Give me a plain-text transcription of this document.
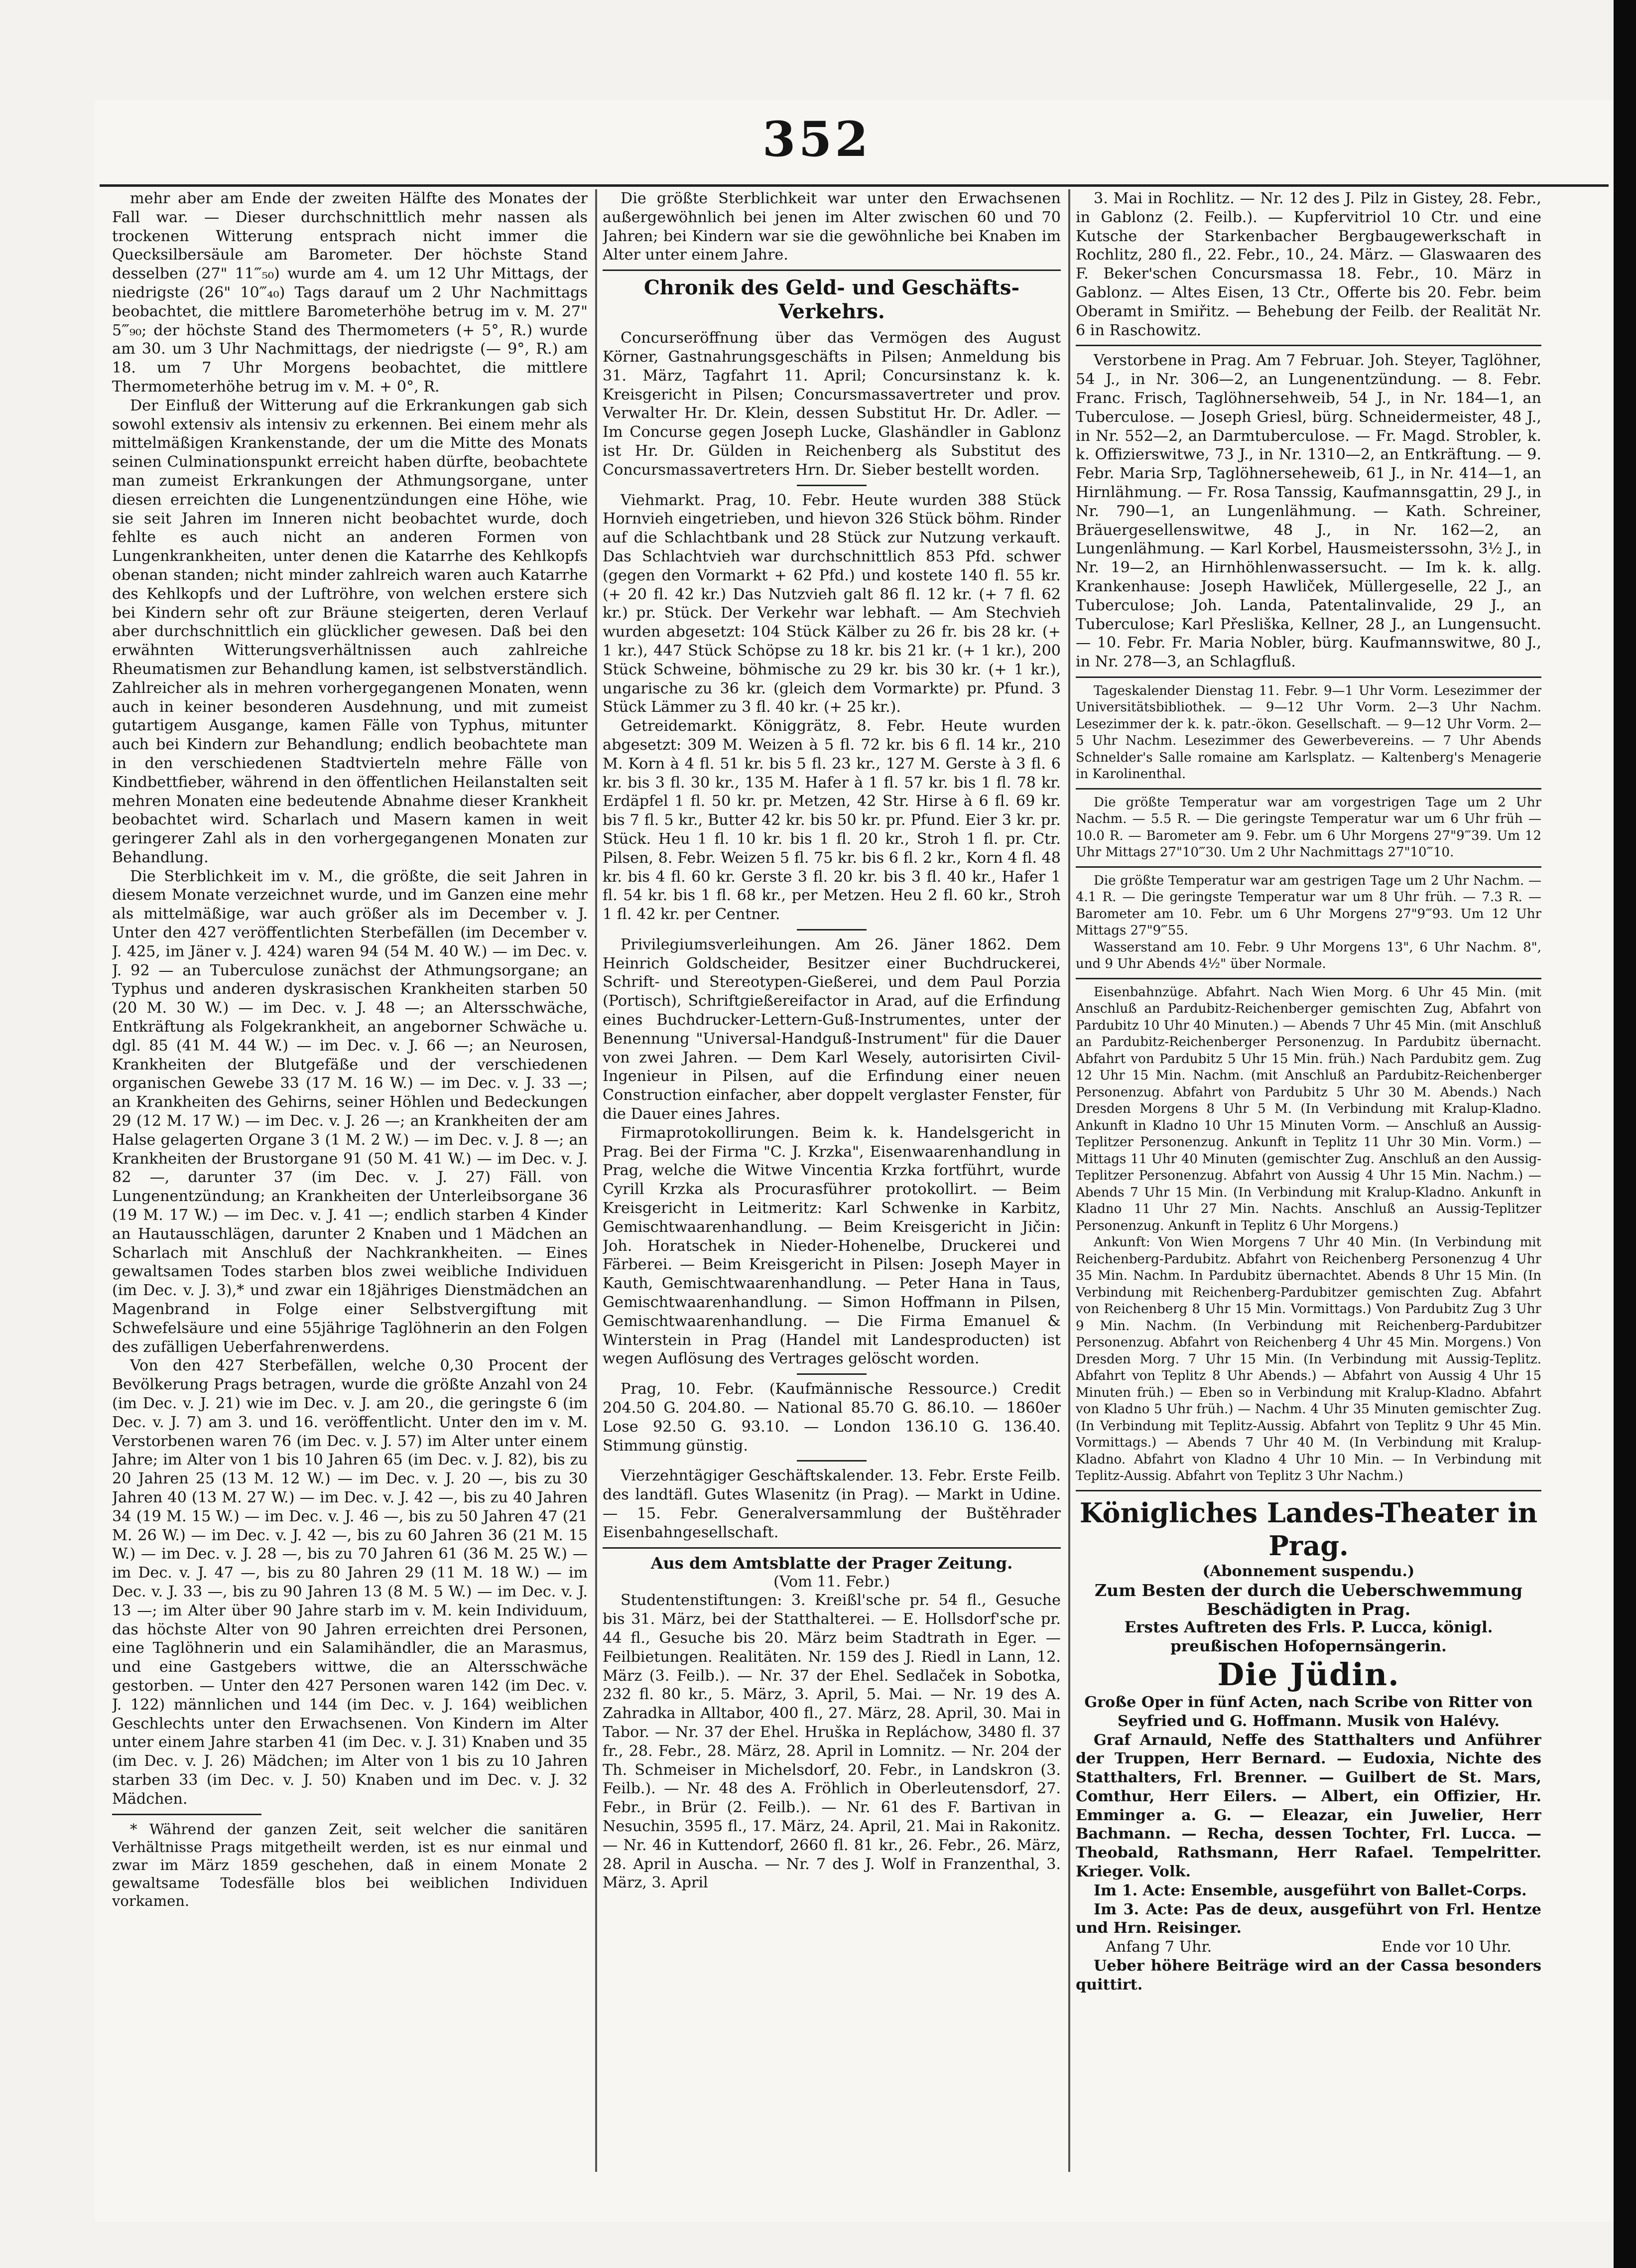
352

mehr aber am Ende der zweiten Hälfte des Monates der Fall war. — Dieser durchschnittlich mehr nassen als trockenen Witterung entsprach nicht immer die Quecksilbersäule am Barometer. Der höchste Stand desselben (27" 11‴₅₀) wurde am 4. um 12 Uhr Mittags, der niedrigste (26" 10‴₄₀) Tags darauf um 2 Uhr Nachmittags beobachtet, die mittlere Barometerhöhe betrug im v. M. 27" 5‴₉₀; der höchste Stand des Thermometers (+ 5°, R.) wurde am 30. um 3 Uhr Nachmittags, der niedrigste (— 9°, R.) am 18. um 7 Uhr Morgens beobachtet, die mittlere Thermometerhöhe betrug im v. M. + 0°, R.

Der Einfluß der Witterung auf die Erkrankungen gab sich sowohl extensiv als intensiv zu erkennen. Bei einem mehr als mittelmäßigen Krankenstande, der um die Mitte des Monats seinen Culminationspunkt erreicht haben dürfte, beobachtete man zumeist Erkrankungen der Athmungsorgane, unter diesen erreichten die Lungenentzündungen eine Höhe, wie sie seit Jahren im Inneren nicht beobachtet wurde, doch fehlte es auch nicht an anderen Formen von Lungenkrankheiten, unter denen die Katarrhe des Kehlkopfs obenan standen; nicht minder zahlreich waren auch Katarrhe des Kehlkopfs und der Luftröhre, von welchen erstere sich bei Kindern sehr oft zur Bräune steigerten, deren Verlauf aber durchschnittlich ein glücklicher gewesen. Daß bei den erwähnten Witterungsverhältnissen auch zahlreiche Rheumatismen zur Behandlung kamen, ist selbstverständlich. Zahlreicher als in mehren vorhergegangenen Monaten, wenn auch in keiner besonderen Ausdehnung, und mit zumeist gutartigem Ausgange, kamen Fälle von Typhus, mitunter auch bei Kindern zur Behandlung; endlich beobachtete man in den verschiedenen Stadtvierteln mehre Fälle von Kindbettfieber, während in den öffentlichen Heilanstalten seit mehren Monaten eine bedeutende Abnahme dieser Krankheit beobachtet wird. Scharlach und Masern kamen in weit geringerer Zahl als in den vorhergegangenen Monaten zur Behandlung.

Die Sterblichkeit im v. M., die größte, die seit Jahren in diesem Monate verzeichnet wurde, und im Ganzen eine mehr als mittelmäßige, war auch größer als im December v. J. Unter den 427 veröffentlichten Sterbefällen (im December v. J. 425, im Jäner v. J. 424) waren 94 (54 M. 40 W.) — im Dec. v. J. 92 — an Tuberculose zunächst der Athmungsorgane; an Typhus und anderen dyskrasischen Krankheiten starben 50 (20 M. 30 W.) — im Dec. v. J. 48 —; an Altersschwäche, Entkräftung als Folgekrankheit, an angeborner Schwäche u. dgl. 85 (41 M. 44 W.) — im Dec. v. J. 66 —; an Neurosen, Krankheiten der Blutgefäße und der verschiedenen organischen Gewebe 33 (17 M. 16 W.) — im Dec. v. J. 33 —; an Krankheiten des Gehirns, seiner Höhlen und Bedeckungen 29 (12 M. 17 W.) — im Dec. v. J. 26 —; an Krankheiten der am Halse gelagerten Organe 3 (1 M. 2 W.) — im Dec. v. J. 8 —; an Krankheiten der Brustorgane 91 (50 M. 41 W.) — im Dec. v. J. 82 —, darunter 37 (im Dec. v. J. 27) Fäll. von Lungenentzündung; an Krankheiten der Unterleibsorgane 36 (19 M. 17 W.) — im Dec. v. J. 41 —; endlich starben 4 Kinder an Hautausschlägen, darunter 2 Knaben und 1 Mädchen an Scharlach mit Anschluß der Nachkrankheiten. — Eines gewaltsamen Todes starben blos zwei weibliche Individuen (im Dec. v. J. 3),* und zwar ein 18jähriges Dienstmädchen an Magenbrand in Folge einer Selbstvergiftung mit Schwefelsäure und eine 55jährige Taglöhnerin an den Folgen des zufälligen Ueberfahrenwerdens.

Von den 427 Sterbefällen, welche 0,30 Procent der Bevölkerung Prags betragen, wurde die größte Anzahl von 24 (im Dec. v. J. 21) wie im Dec. v. J. am 20., die geringste 6 (im Dec. v. J. 7) am 3. und 16. veröffentlicht. Unter den im v. M. Verstorbenen waren 76 (im Dec. v. J. 57) im Alter unter einem Jahre; im Alter von 1 bis 10 Jahren 65 (im Dec. v. J. 82), bis zu 20 Jahren 25 (13 M. 12 W.) — im Dec. v. J. 20 —, bis zu 30 Jahren 40 (13 M. 27 W.) — im Dec. v. J. 42 —, bis zu 40 Jahren 34 (19 M. 15 W.) — im Dec. v. J. 46 —, bis zu 50 Jahren 47 (21 M. 26 W.) — im Dec. v. J. 42 —, bis zu 60 Jahren 36 (21 M. 15 W.) — im Dec. v. J. 28 —, bis zu 70 Jahren 61 (36 M. 25 W.) — im Dec. v. J. 47 —, bis zu 80 Jahren 29 (11 M. 18 W.) — im Dec. v. J. 33 —, bis zu 90 Jahren 13 (8 M. 5 W.) — im Dec. v. J. 13 —; im Alter über 90 Jahre starb im v. M. kein Individuum, das höchste Alter von 90 Jahren erreichten drei Personen, eine Taglöhnerin und ein Salamihändler, die an Marasmus, und eine Gastgebers wittwe, die an Altersschwäche gestorben. — Unter den 427 Personen waren 142 (im Dec. v. J. 122) männlichen und 144 (im Dec. v. J. 164) weiblichen Geschlechts unter den Erwachsenen. Von Kindern im Alter unter einem Jahre starben 41 (im Dec. v. J. 31) Knaben und 35 (im Dec. v. J. 26) Mädchen; im Alter von 1 bis zu 10 Jahren starben 33 (im Dec. v. J. 50) Knaben und im Dec. v. J. 32 Mädchen.

* Während der ganzen Zeit, seit welcher die sanitären Verhältnisse Prags mitgetheilt werden, ist es nur einmal und zwar im März 1859 geschehen, daß in einem Monate 2 gewaltsame Todesfälle blos bei weiblichen Individuen vorkamen.

Die größte Sterblichkeit war unter den Erwachsenen außergewöhnlich bei jenen im Alter zwischen 60 und 70 Jahren; bei Kindern war sie die gewöhnliche bei Knaben im Alter unter einem Jahre.

Chronik des Geld- und Geschäfts-Verkehrs.

Concurseröffnung über das Vermögen des August Körner, Gastnahrungsgeschäfts in Pilsen; Anmeldung bis 31. März, Tagfahrt 11. April; Concursinstanz k. k. Kreisgericht in Pilsen; Concursmassavertreter und prov. Verwalter Hr. Dr. Klein, dessen Substitut Hr. Dr. Adler. — Im Concurse gegen Joseph Lucke, Glashändler in Gablonz ist Hr. Dr. Gülden in Reichenberg als Substitut des Concursmassavertreters Hrn. Dr. Sieber bestellt worden.

Viehmarkt. Prag, 10. Febr. Heute wurden 388 Stück Hornvieh eingetrieben, und hievon 326 Stück böhm. Rinder auf die Schlachtbank und 28 Stück zur Nutzung verkauft. Das Schlachtvieh war durchschnittlich 853 Pfd. schwer (gegen den Vormarkt + 62 Pfd.) und kostete 140 fl. 55 kr. (+ 20 fl. 42 kr.) Das Nutzvieh galt 86 fl. 12 kr. (+ 7 fl. 62 kr.) pr. Stück. Der Verkehr war lebhaft. — Am Stechvieh wurden abgesetzt: 104 Stück Kälber zu 26 fr. bis 28 kr. (+ 1 kr.), 447 Stück Schöpse zu 18 kr. bis 21 kr. (+ 1 kr.), 200 Stück Schweine, böhmische zu 29 kr. bis 30 kr. (+ 1 kr.), ungarische zu 36 kr. (gleich dem Vormarkte) pr. Pfund. 3 Stück Lämmer zu 3 fl. 40 kr. (+ 25 kr.).

Getreidemarkt. Königgrätz, 8. Febr. Heute wurden abgesetzt: 309 M. Weizen à 5 fl. 72 kr. bis 6 fl. 14 kr., 210 M. Korn à 4 fl. 51 kr. bis 5 fl. 23 kr., 127 M. Gerste à 3 fl. 6 kr. bis 3 fl. 30 kr., 135 M. Hafer à 1 fl. 57 kr. bis 1 fl. 78 kr. Erdäpfel 1 fl. 50 kr. pr. Metzen, 42 Str. Hirse à 6 fl. 69 kr. bis 7 fl. 5 kr., Butter 42 kr. bis 50 kr. pr. Pfund. Eier 3 kr. pr. Stück. Heu 1 fl. 10 kr. bis 1 fl. 20 kr., Stroh 1 fl. pr. Ctr. Pilsen, 8. Febr. Weizen 5 fl. 75 kr. bis 6 fl. 2 kr., Korn 4 fl. 48 kr. bis 4 fl. 60 kr. Gerste 3 fl. 20 kr. bis 3 fl. 40 kr., Hafer 1 fl. 54 kr. bis 1 fl. 68 kr., per Metzen. Heu 2 fl. 60 kr., Stroh 1 fl. 42 kr. per Centner.

Privilegiumsverleihungen. Am 26. Jäner 1862. Dem Heinrich Goldscheider, Besitzer einer Buchdruckerei, Schrift- und Stereotypen-Gießerei, und dem Paul Porzia (Portisch), Schriftgießereifactor in Arad, auf die Erfindung eines Buchdrucker-Lettern-Guß-Instrumentes, unter der Benennung "Universal-Handguß-Instrument" für die Dauer von zwei Jahren. — Dem Karl Wesely, autorisirten Civil-Ingenieur in Pilsen, auf die Erfindung einer neuen Construction einfacher, aber doppelt verglaster Fenster, für die Dauer eines Jahres.

Firmaprotokollirungen. Beim k. k. Handelsgericht in Prag. Bei der Firma "C. J. Krzka", Eisenwaarenhandlung in Prag, welche die Witwe Vincentia Krzka fortführt, wurde Cyrill Krzka als Procurasführer protokollirt. — Beim Kreisgericht in Leitmeritz: Karl Schwenke in Karbitz, Gemischtwaarenhandlung. — Beim Kreisgericht in Jičin: Joh. Horatschek in Nieder-Hohenelbe, Druckerei und Färberei. — Beim Kreisgericht in Pilsen: Joseph Mayer in Kauth, Gemischtwaarenhandlung. — Peter Hana in Taus, Gemischtwaarenhandlung. — Simon Hoffmann in Pilsen, Gemischtwaarenhandlung. — Die Firma Emanuel & Winterstein in Prag (Handel mit Landesproducten) ist wegen Auflösung des Vertrages gelöscht worden.

Prag, 10. Febr. (Kaufmännische Ressource.) Credit 204.50 G. 204.80. — National 85.70 G. 86.10. — 1860er Lose 92.50 G. 93.10. — London 136.10 G. 136.40. Stimmung günstig.

Vierzehntägiger Geschäftskalender. 13. Febr. Erste Feilb. des landtäfl. Gutes Wlasenitz (in Prag). — Markt in Udine. — 15. Febr. Generalversammlung der Buštěhrader Eisenbahngesellschaft.

Aus dem Amtsblatte der Prager Zeitung.
(Vom 11. Febr.)

Studentenstiftungen: 3. Kreißl'sche pr. 54 fl., Gesuche bis 31. März, bei der Statthalterei. — E. Hollsdorf'sche pr. 44 fl., Gesuche bis 20. März beim Stadtrath in Eger. — Feilbietungen. Realitäten. Nr. 159 des J. Riedl in Lann, 12. März (3. Feilb.). — Nr. 37 der Ehel. Sedlaček in Sobotka, 232 fl. 80 kr., 5. März, 3. April, 5. Mai. — Nr. 19 des A. Zahradka in Alltabor, 400 fl., 27. März, 28. April, 30. Mai in Tabor. — Nr. 37 der Ehel. Hruška in Repláchow, 3480 fl. 37 fr., 28. Febr., 28. März, 28. April in Lomnitz. — Nr. 204 der Th. Schmeiser in Michelsdorf, 20. Febr., in Landskron (3. Feilb.). — Nr. 48 des A. Fröhlich in Oberleutensdorf, 27. Febr., in Brür (2. Feilb.). — Nr. 61 des F. Bartivan in Nesuchin, 3595 fl., 17. März, 24. April, 21. Mai in Rakonitz. — Nr. 46 in Kuttendorf, 2660 fl. 81 kr., 26. Febr., 26. März, 28. April in Auscha. — Nr. 7 des J. Wolf in Franzenthal, 3. März, 3. April

3. Mai in Rochlitz. — Nr. 12 des J. Pilz in Gistey, 28. Febr., in Gablonz (2. Feilb.). — Kupfervitriol 10 Ctr. und eine Kutsche der Starkenbacher Bergbaugewerkschaft in Rochlitz, 280 fl., 22. Febr., 10., 24. März. — Glaswaaren des F. Beker'schen Concursmassa 18. Febr., 10. März in Gablonz. — Altes Eisen, 13 Ctr., Offerte bis 20. Febr. beim Oberamt in Smiřitz. — Behebung der Feilb. der Realität Nr. 6 in Raschowitz.

Verstorbene in Prag. Am 7 Februar. Joh. Steyer, Taglöhner, 54 J., in Nr. 306—2, an Lungenentzündung. — 8. Febr. Franc. Frisch, Taglöhnersehweib, 54 J., in Nr. 184—1, an Tuberculose. — Joseph Griesl, bürg. Schneidermeister, 48 J., in Nr. 552—2, an Darmtuberculose. — Fr. Magd. Strobler, k. k. Offizierswitwe, 73 J., in Nr. 1310—2, an Entkräftung. — 9. Febr. Maria Srp, Taglöhnerseheweib, 61 J., in Nr. 414—1, an Hirnlähmung. — Fr. Rosa Tanssig, Kaufmannsgattin, 29 J., in Nr. 790—1, an Lungenlähmung. — Kath. Schreiner, Bräuergesellenswitwe, 48 J., in Nr. 162—2, an Lungenlähmung. — Karl Korbel, Hausmeisterssohn, 3½ J., in Nr. 19—2, an Hirnhöhlenwassersucht. — Im k. k. allg. Krankenhause: Joseph Hawliček, Müllergeselle, 22 J., an Tuberculose; Joh. Landa, Patentalinvalide, 29 J., an Tuberculose; Karl Přesliška, Kellner, 28 J., an Lungensucht. — 10. Febr. Fr. Maria Nobler, bürg. Kaufmannswitwe, 80 J., in Nr. 278—3, an Schlagfluß.

Tageskalender Dienstag 11. Febr. 9—1 Uhr Vorm. Lesezimmer der Universitätsbibliothek. — 9—12 Uhr Vorm. 2—3 Uhr Nachm. Lesezimmer der k. k. patr.-ökon. Gesellschaft. — 9—12 Uhr Vorm. 2—5 Uhr Nachm. Lesezimmer des Gewerbevereins. — 7 Uhr Abends Schnelder's Salle romaine am Karlsplatz. — Kaltenberg's Menagerie in Karolinenthal.

Die größte Temperatur war am vorgestrigen Tage um 2 Uhr Nachm. — 5.5 R. — Die geringste Temperatur war um 6 Uhr früh — 10.0 R. — Barometer am 9. Febr. um 6 Uhr Morgens 27"9‴39. Um 12 Uhr Mittags 27"10‴30. Um 2 Uhr Nachmittags 27"10‴10.

Die größte Temperatur war am gestrigen Tage um 2 Uhr Nachm. — 4.1 R. — Die geringste Temperatur war um 8 Uhr früh. — 7.3 R. — Barometer am 10. Febr. um 6 Uhr Morgens 27"9‴93. Um 12 Uhr Mittags 27"9‴55.

Wasserstand am 10. Febr. 9 Uhr Morgens 13", 6 Uhr Nachm. 8", und 9 Uhr Abends 4½" über Normale.

Eisenbahnzüge. Abfahrt. Nach Wien Morg. 6 Uhr 45 Min. (mit Anschluß an Pardubitz-Reichenberger gemischten Zug, Abfahrt von Pardubitz 10 Uhr 40 Minuten.) — Abends 7 Uhr 45 Min. (mit Anschluß an Pardubitz-Reichenberger Personenzug. In Pardubitz übernacht. Abfahrt von Pardubitz 5 Uhr 15 Min. früh.) Nach Pardubitz gem. Zug 12 Uhr 15 Min. Nachm. (mit Anschluß an Pardubitz-Reichenberger Personenzug. Abfahrt von Pardubitz 5 Uhr 30 M. Abends.) Nach Dresden Morgens 8 Uhr 5 M. (In Verbindung mit Kralup-Kladno. Ankunft in Kladno 10 Uhr 15 Minuten Vorm. — Anschluß an Aussig-Teplitzer Personenzug. Ankunft in Teplitz 11 Uhr 30 Min. Vorm.) — Mittags 11 Uhr 40 Minuten (gemischter Zug. Anschluß an den Aussig-Teplitzer Personenzug. Abfahrt von Aussig 4 Uhr 15 Min. Nachm.) — Abends 7 Uhr 15 Min. (In Verbindung mit Kralup-Kladno. Ankunft in Kladno 11 Uhr 27 Min. Nachts. Anschluß an Aussig-Teplitzer Personenzug. Ankunft in Teplitz 6 Uhr Morgens.)

Ankunft: Von Wien Morgens 7 Uhr 40 Min. (In Verbindung mit Reichenberg-Pardubitz. Abfahrt von Reichenberg Personenzug 4 Uhr 35 Min. Nachm. In Pardubitz übernachtet. Abends 8 Uhr 15 Min. (In Verbindung mit Reichenberg-Pardubitzer gemischten Zug. Abfahrt von Reichenberg 8 Uhr 15 Min. Vormittags.) Von Pardubitz Zug 3 Uhr 9 Min. Nachm. (In Verbindung mit Reichenberg-Pardubitzer Personenzug. Abfahrt von Reichenberg 4 Uhr 45 Min. Morgens.) Von Dresden Morg. 7 Uhr 15 Min. (In Verbindung mit Aussig-Teplitz. Abfahrt von Teplitz 8 Uhr Abends.) — Abfahrt von Aussig 4 Uhr 15 Minuten früh.) — Eben so in Verbindung mit Kralup-Kladno. Abfahrt von Kladno 5 Uhr früh.) — Nachm. 4 Uhr 35 Minuten gemischter Zug. (In Verbindung mit Teplitz-Aussig. Abfahrt von Teplitz 9 Uhr 45 Min. Vormittags.) — Abends 7 Uhr 40 M. (In Verbindung mit Kralup-Kladno. Abfahrt von Kladno 4 Uhr 10 Min. — In Verbindung mit Teplitz-Aussig. Abfahrt von Teplitz 3 Uhr Nachm.)

Königliches Landes-Theater in Prag.
(Abonnement suspendu.)
Zum Besten der durch die Ueberschwemmung Beschädigten in Prag.
Erstes Auftreten des Frls. P. Lucca, königl. preußischen Hofopernsängerin.
Die Jüdin.
Große Oper in fünf Acten, nach Scribe von Ritter von Seyfried und G. Hoffmann. Musik von Halévy.

Graf Arnauld, Neffe des Statthalters und Anführer der Truppen, Herr Bernard. — Eudoxia, Nichte des Statthalters, Frl. Brenner. — Guilbert de St. Mars, Comthur, Herr Eilers. — Albert, ein Offizier, Hr. Emminger a. G. — Eleazar, ein Juwelier, Herr Bachmann. — Recha, dessen Tochter, Frl. Lucca. — Theobald, Rathsmann, Herr Rafael. Tempelritter. Krieger. Volk.

Im 1. Acte: Ensemble, ausgeführt von Ballet-Corps.

Im 3. Acte: Pas de deux, ausgeführt von Frl. Hentze und Hrn. Reisinger.

Anfang 7 Uhr.	Ende vor 10 Uhr.

Ueber höhere Beiträge wird an der Cassa besonders quittirt.
